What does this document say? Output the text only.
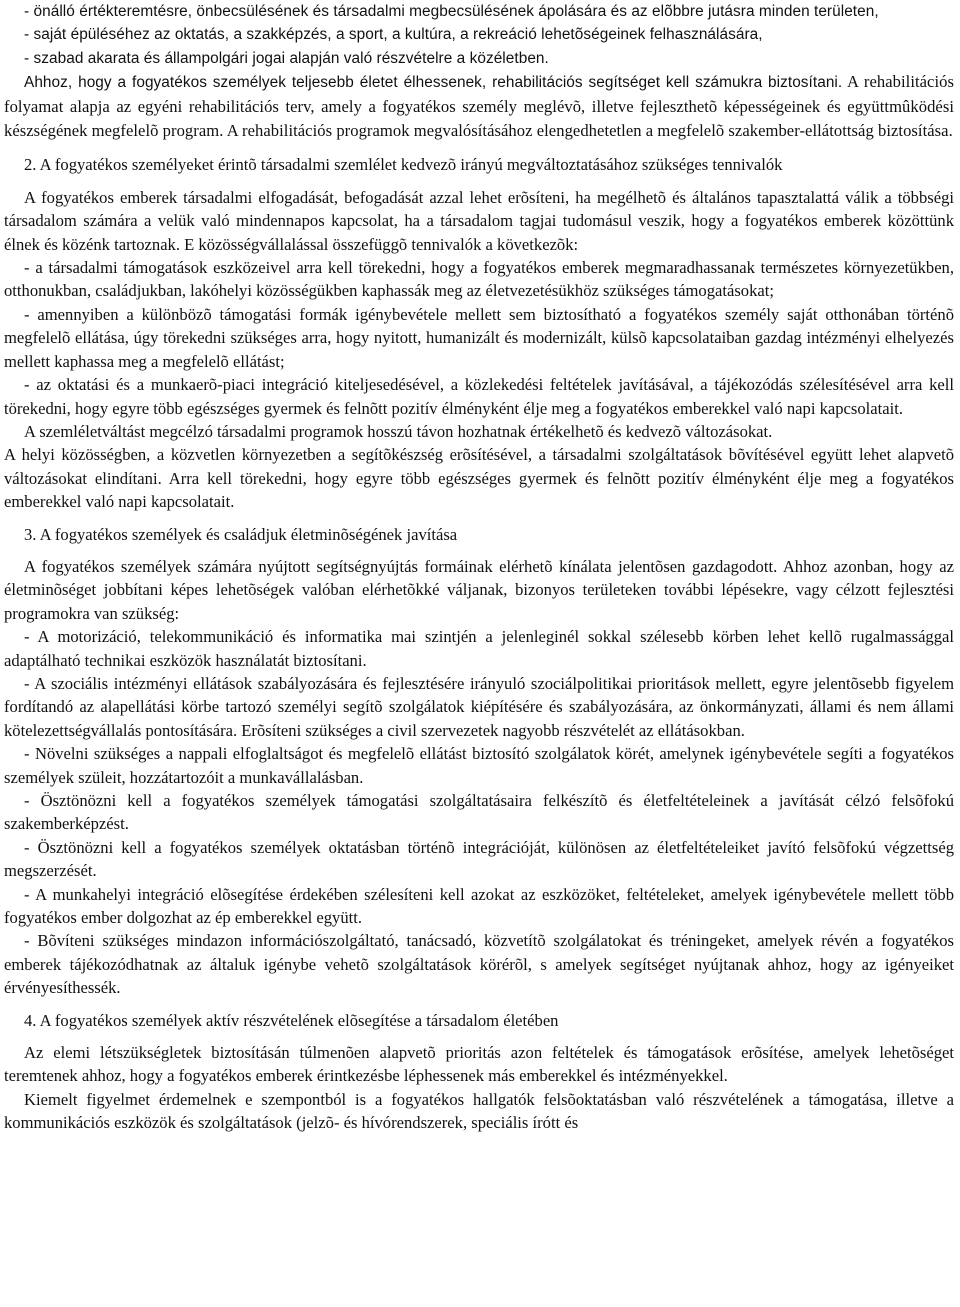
- önálló értékteremtésre, önbecsülésének és társadalmi megbecsülésének ápolására és az elõbbre jutásra minden területen,

- saját épüléséhez az oktatás, a szakképzés, a sport, a kultúra, a rekreáció lehetõségeinek felhasználására,

- szabad akarata és állampolgári jogai alapján való részvételre a közéletben.

Ahhoz, hogy a fogyatékos személyek teljesebb életet élhessenek, rehabilitációs segítséget kell számukra biztosítani. A rehabilitációs folyamat alapja az egyéni rehabilitációs terv, amely a fogyatékos személy meglévõ, illetve fejleszthetõ képességeinek és együttmûködési készségének megfelelõ program. A rehabilitációs programok megvalósításához elengedhetetlen a megfelelõ szakember-ellátottság biztosítása.

2. A fogyatékos személyeket érintõ társadalmi szemlélet kedvezõ irányú megváltoztatásához szükséges tennivalók

A fogyatékos emberek társadalmi elfogadását, befogadását azzal lehet erõsíteni, ha megélhetõ és általános tapasztalattá válik a többségi társadalom számára a velük való mindennapos kapcsolat, ha a társadalom tagjai tudomásul veszik, hogy a fogyatékos emberek közöttünk élnek és közénk tartoznak. E közösségvállalással összefüggõ tennivalók a következõk:

- a társadalmi támogatások eszközeivel arra kell törekedni, hogy a fogyatékos emberek megmaradhassanak természetes környezetükben, otthonukban, családjukban, lakóhelyi közösségükben kaphassák meg az életvezetésükhöz szükséges támogatásokat;

- amennyiben a különbözõ támogatási formák igénybevétele mellett sem biztosítható a fogyatékos személy saját otthonában történõ megfelelõ ellátása, úgy törekedni szükséges arra, hogy nyitott, humanizált és modernizált, külsõ kapcsolataiban gazdag intézményi elhelyezés mellett kaphassa meg a megfelelõ ellátást;

- az oktatási és a munkaerõ-piaci integráció kiteljesedésével, a közlekedési feltételek javításával, a tájékozódás szélesítésével arra kell törekedni, hogy egyre több egészséges gyermek és felnõtt pozitív élményként élje meg a fogyatékos emberekkel való napi kapcsolatait.

A szemléletváltást megcélzó társadalmi programok hosszú távon hozhatnak értékelhetõ és kedvezõ változásokat.

A helyi közösségben, a közvetlen környezetben a segítõkészség erõsítésével, a társadalmi szolgáltatások bõvítésével együtt lehet alapvetõ változásokat elindítani. Arra kell törekedni, hogy egyre több egészséges gyermek és felnõtt pozitív élményként élje meg a fogyatékos emberekkel való napi kapcsolatait.

3. A fogyatékos személyek és családjuk életminõségének javítása

A fogyatékos személyek számára nyújtott segítségnyújtás formáinak elérhetõ kínálata jelentõsen gazdagodott. Ahhoz azonban, hogy az életminõséget jobbítani képes lehetõségek valóban elérhetõkké váljanak, bizonyos területeken további lépésekre, vagy célzott fejlesztési programokra van szükség:

- A motorizáció, telekommunikáció és informatika mai szintjén a jelenleginél sokkal szélesebb körben lehet kellõ rugalmassággal adaptálható technikai eszközök használatát biztosítani.

- A szociális intézményi ellátások szabályozására és fejlesztésére irányuló szociálpolitikai prioritások mellett, egyre jelentõsebb figyelem fordítandó az alapellátási körbe tartozó személyi segítõ szolgálatok kiépítésére és szabályozására, az önkormányzati, állami és nem állami kötelezettségvállalás pontosítására. Erõsíteni szükséges a civil szervezetek nagyobb részvételét az ellátásokban.

- Növelni szükséges a nappali elfoglaltságot és megfelelõ ellátást biztosító szolgálatok körét, amelynek igénybevétele segíti a fogyatékos személyek szüleit, hozzátartozóit a munkavállalásban.

- Ösztönözni kell a fogyatékos személyek támogatási szolgáltatásaira felkészítõ és életfeltételeinek a javítását célzó felsõfokú szakemberképzést.

- Ösztönözni kell a fogyatékos személyek oktatásban történõ integrációját, különösen az életfeltételeiket javító felsõfokú végzettség megszerzését.

- A munkahelyi integráció elõsegítése érdekében szélesíteni kell azokat az eszközöket, feltételeket, amelyek igénybevétele mellett több fogyatékos ember dolgozhat az ép emberekkel együtt.

- Bõvíteni szükséges mindazon információszolgáltató, tanácsadó, közvetítõ szolgálatokat és tréningeket, amelyek révén a fogyatékos emberek tájékozódhatnak az általuk igénybe vehetõ szolgáltatások körérõl, s amelyek segítséget nyújtanak ahhoz, hogy az igényeiket érvényesíthessék.

4. A fogyatékos személyek aktív részvételének elõsegítése a társadalom életében

Az elemi létszükségletek biztosításán túlmenõen alapvetõ prioritás azon feltételek és támogatások erõsítése, amelyek lehetõséget teremtenek ahhoz, hogy a fogyatékos emberek érintkezésbe léphessenek más emberekkel és intézményekkel.

Kiemelt figyelmet érdemelnek e szempontból is a fogyatékos hallgatók felsõoktatásban való részvételének a támogatása, illetve a kommunikációs eszközök és szolgáltatások (jelzõ- és hívórendszerek, speciális írótt és
